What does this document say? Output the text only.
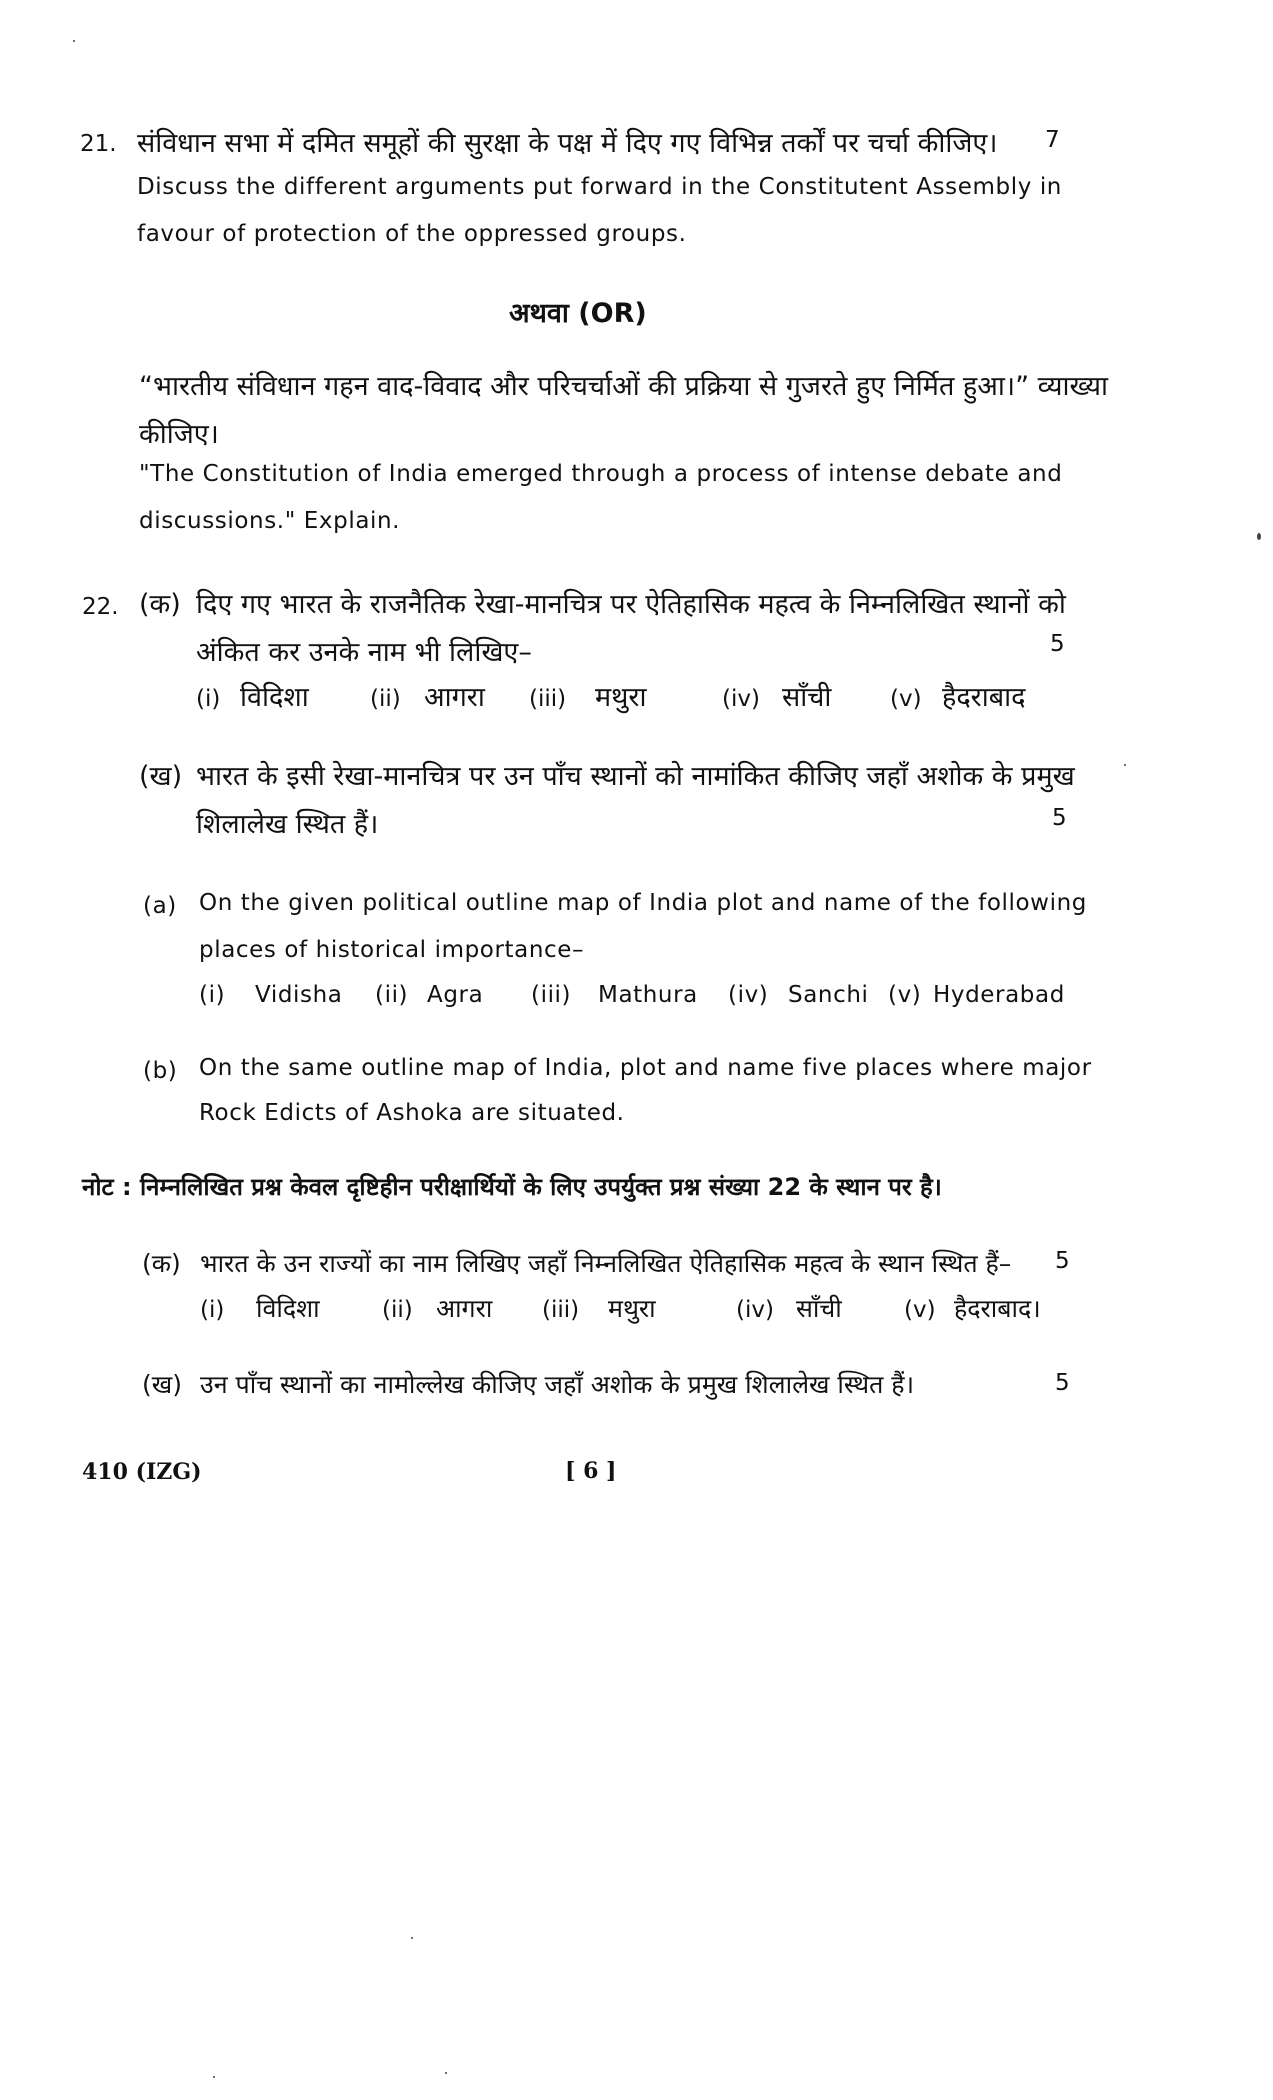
21. संविधान सभा में दमित समूहों की सुरक्षा के पक्ष में दिए गए विभिन्न तर्कों पर चर्चा कीजिए। 7
Discuss the different arguments put forward in the Constitutent Assembly in
favour of protection of the oppressed groups.
अथवा (OR)
“भारतीय संविधान गहन वाद-विवाद और परिचर्चाओं की प्रक्रिया से गुजरते हुए निर्मित हुआ।” व्याख्या
कीजिए।
"The Constitution of India emerged through a process of intense debate and
discussions." Explain.
22. (क) दिए गए भारत के राजनैतिक रेखा-मानचित्र पर ऐतिहासिक महत्व के निम्नलिखित स्थानों को
अंकित कर उनके नाम भी लिखिए–	5
(i) विदिशा	(ii) आगरा (iii) मथुरा	(iv) साँची	(v) हैदराबाद
(ख) भारत के इसी रेखा-मानचित्र पर उन पाँच स्थानों को नामांकित कीजिए जहाँ अशोक के प्रमुख
शिलालेख स्थित हैं।	5
(a) On the given political outline map of India plot and name of the following
places of historical importance–
(i) Vidisha (ii) Agra (iii) Mathura (iv) Sanchi (v) Hyderabad
(b) On the same outline map of India, plot and name five places where major
Rock Edicts of Ashoka are situated.
नोट : निम्नलिखित प्रश्न केवल दृष्टिहीन परीक्षार्थियों के लिए उपर्युक्त प्रश्न संख्या 22 के स्थान पर है।
(क) भारत के उन राज्यों का नाम लिखिए जहाँ निम्नलिखित ऐतिहासिक महत्व के स्थान स्थित हैं– 5
(i) विदिशा	(ii) आगरा (iii) मथुरा	(iv) साँची	(v) हैदराबाद।
(ख) उन पाँच स्थानों का नामोल्लेख कीजिए जहाँ अशोक के प्रमुख शिलालेख स्थित हैं।	5
410 (IZG)	[ 6 ]
